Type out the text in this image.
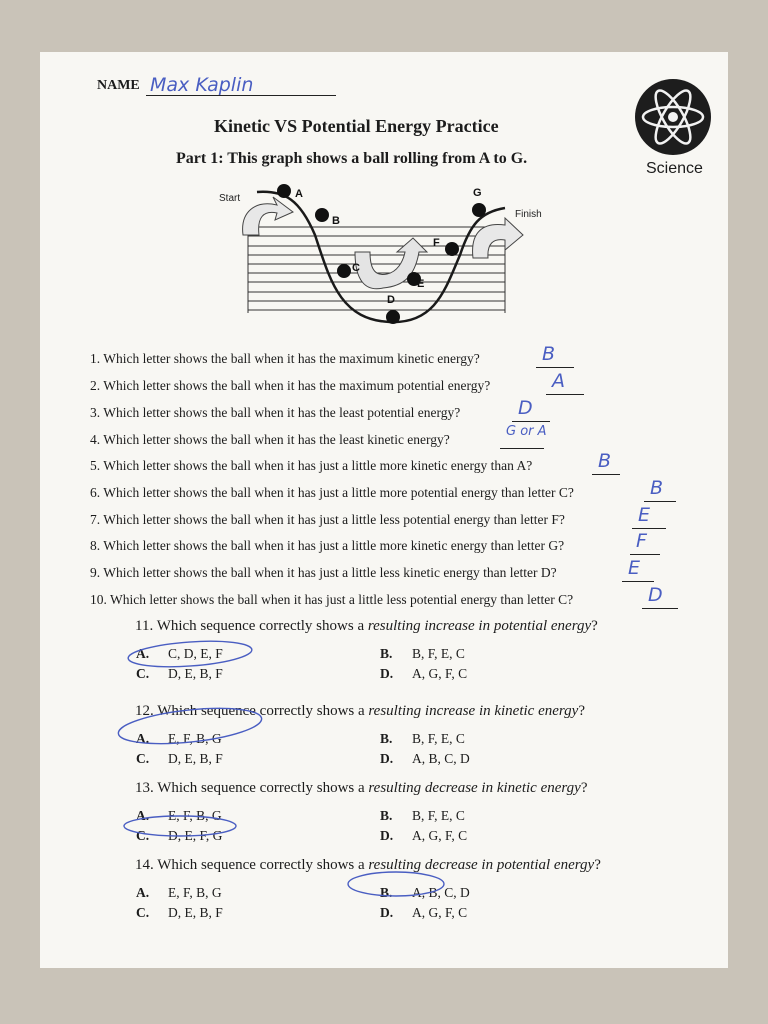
NAME Max Kaplin
Kinetic VS Potential Energy Practice
Part 1: This graph shows a ball rolling from A to G.
Science
A
B
C
D
E
F
G
Start
Finish
1. Which letter shows the ball when it has the maximum kinetic energy?	B
2. Which letter shows the ball when it has the maximum potential energy?	A
3. Which letter shows the ball when it has the least potential energy?	D
4. Which letter shows the ball when it has the least kinetic energy?
G or A
5. Which letter shows the ball when it has just a little more kinetic energy than A?	B
6. Which letter shows the ball when it has just a little more potential energy than letter C?	B
7. Which letter shows the ball when it has just a little less potential energy than letter F?	E
8. Which letter shows the ball when it has just a little more kinetic energy than letter G?	F
9. Which letter shows the ball when it has just a little less kinetic energy than letter D?	E
10. Which letter shows the ball when it has just a little less potential energy than letter C?	D
11. Which sequence correctly shows a resulting increase in potential energy?
A. C, D, E, F	B. B, F, E, C
C. D, E, B, F	D. A, G, F, C
12. Which sequence correctly shows a resulting increase in kinetic energy?
A. E, F, B, G	B. B, F, E, C
C. D, E, B, F	D. A, B, C, D
13. Which sequence correctly shows a resulting decrease in kinetic energy?
A. E, F, B, G	B. B, F, E, C
C. D, E, F, G	D. A, G, F, C
14. Which sequence correctly shows a resulting decrease in potential energy?
A. E, F, B, G	B. A, B, C, D
C. D, E, B, F	D. A, G, F, C
